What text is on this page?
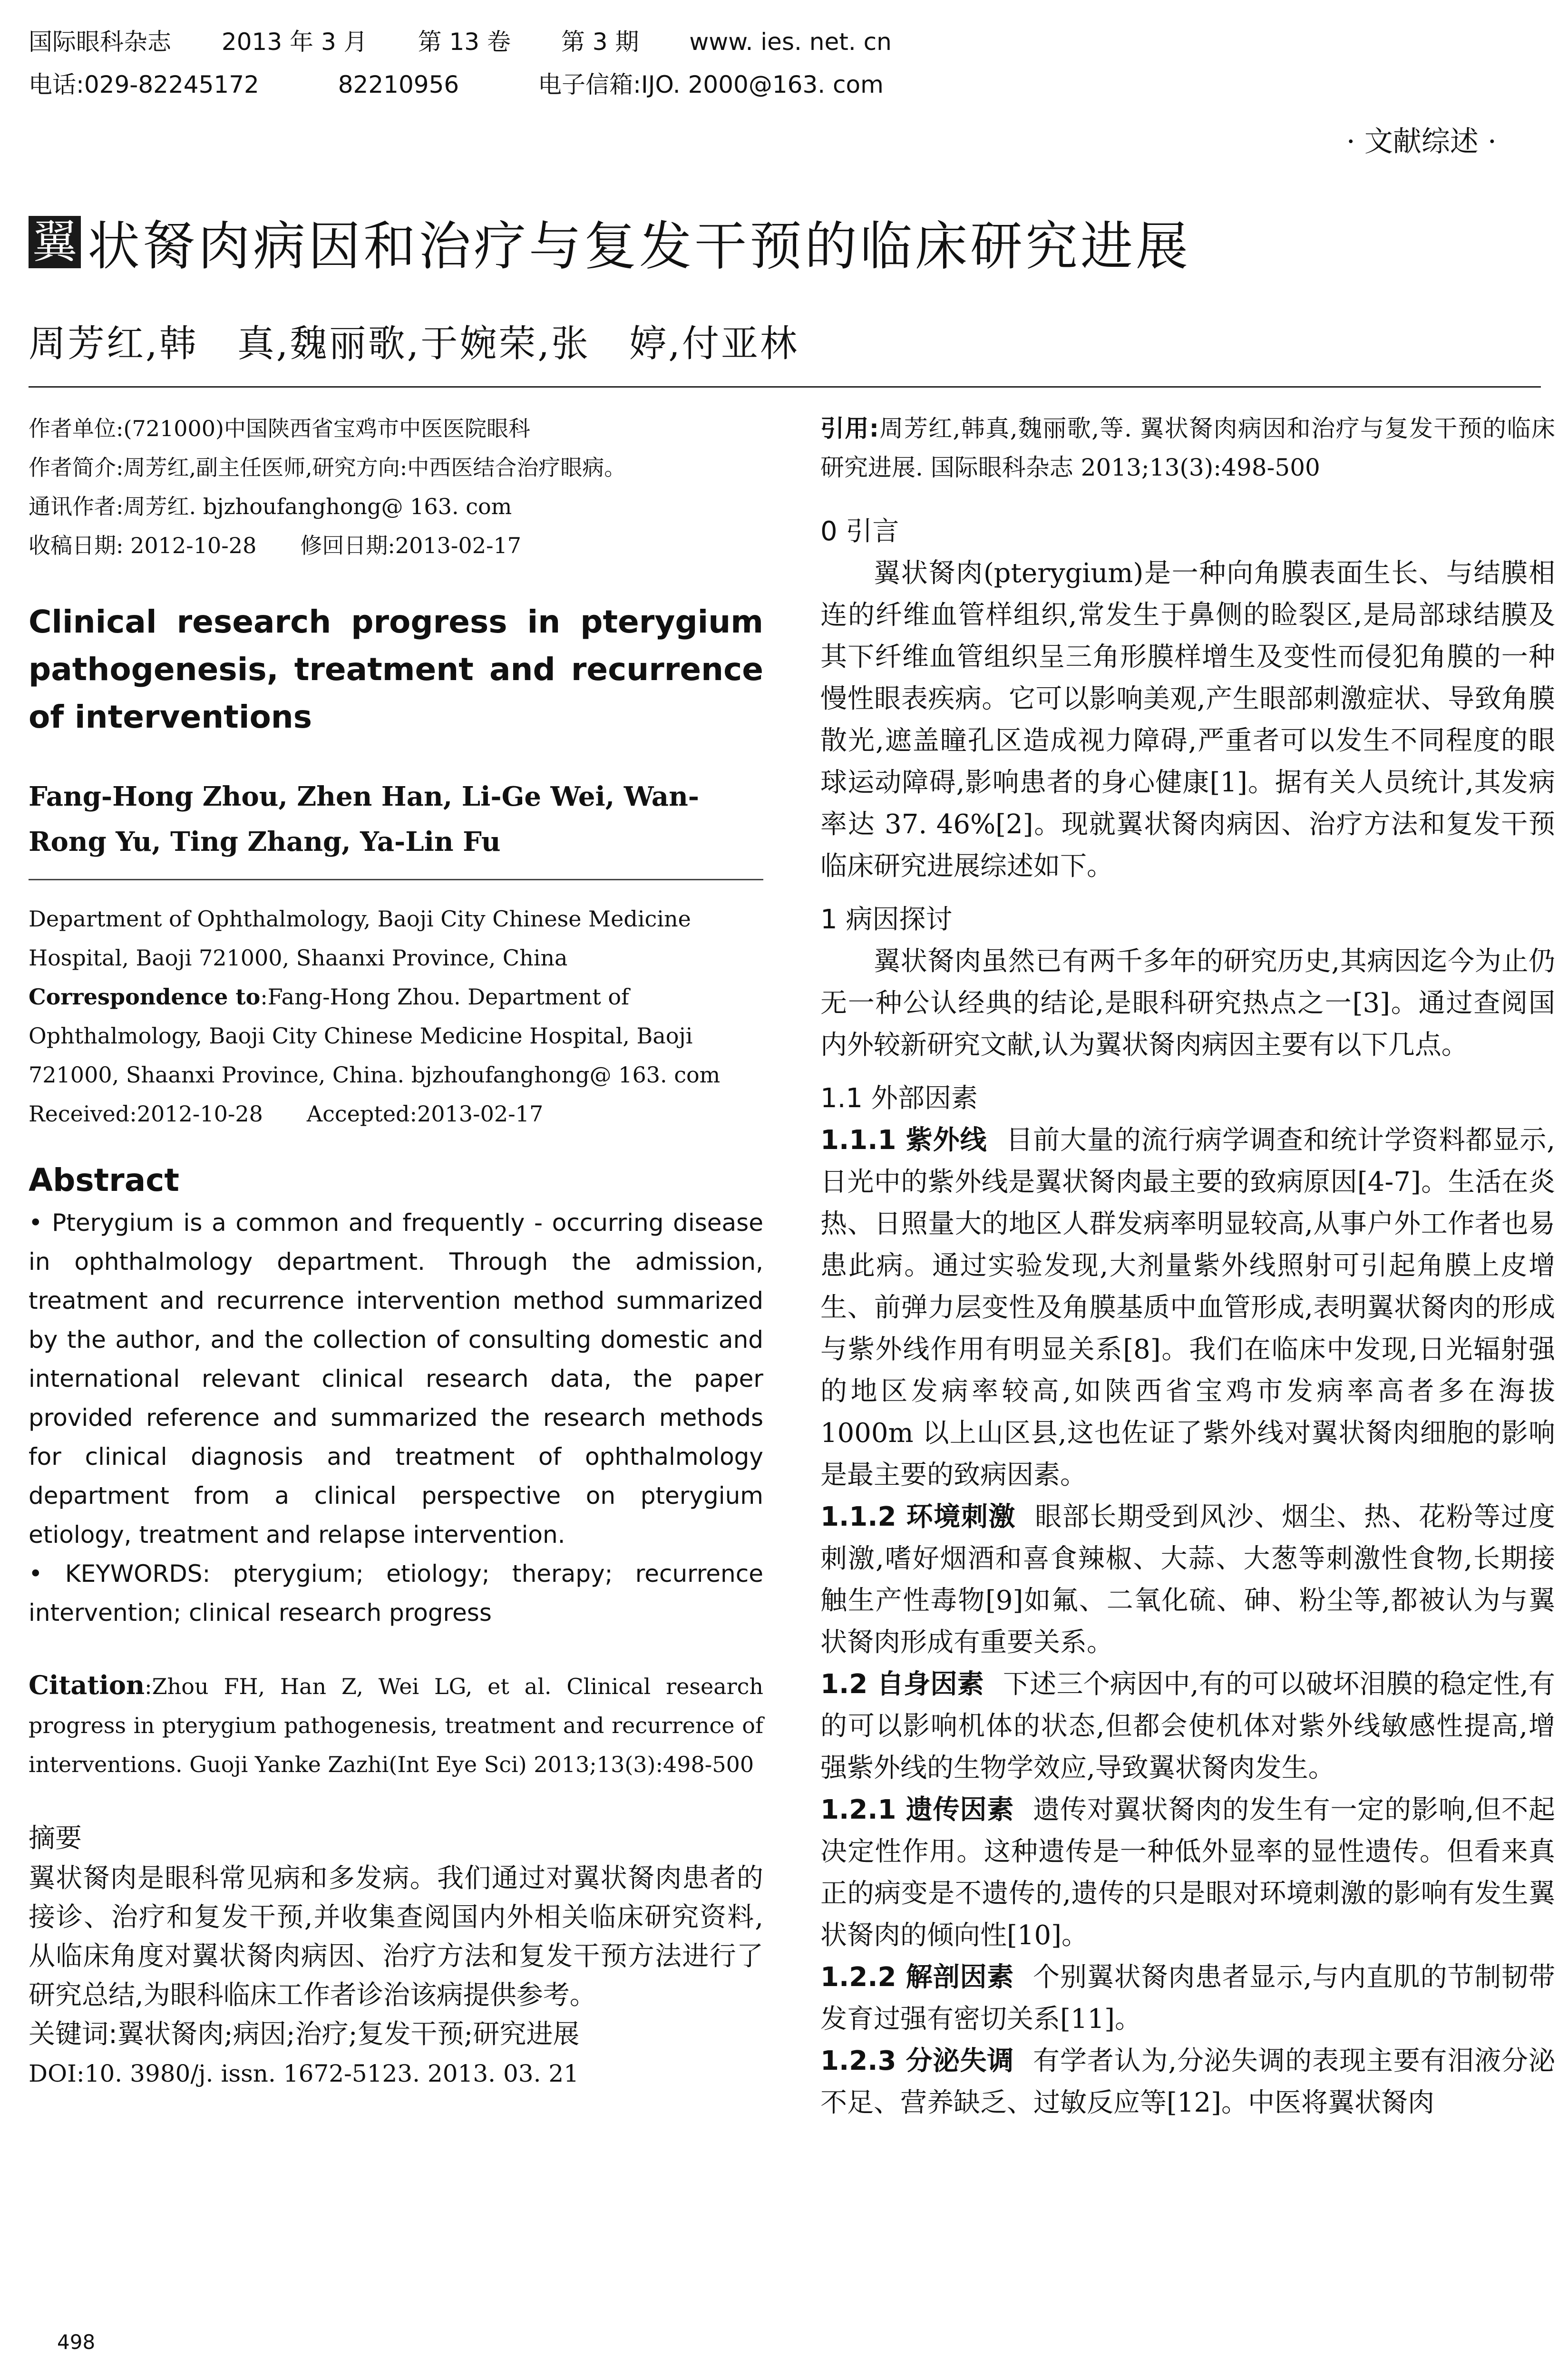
国际眼科杂志 2013 年 3 月 第 13 卷 第 3 期 www. ies. net. cn
电话:029-82245172	82210956	电子信箱:IJO. 2000@163. com
· 文献综述 ·
翼 状胬肉病因和治疗与复发干预的临床研究进展
周芳红,韩　真,魏丽歌,于婉荣,张　婷,付亚林

作者单位:(721000)中国陕西省宝鸡市中医医院眼科

作者简介:周芳红,副主任医师,研究方向:中西医结合治疗眼病。

通讯作者:周芳红. bjzhoufanghong@ 163. com

收稿日期: 2012-10-28　　修回日期:2013-02-17

Clinical research progress in pterygium pathogenesis, treatment and recurrence
of interventions

Fang-Hong Zhou, Zhen Han, Li-Ge Wei, Wan-Rong Yu, Ting Zhang, Ya-Lin Fu

Department of Ophthalmology, Baoji City Chinese Medicine Hospital, Baoji 721000, Shaanxi Province, China

Correspondence to:Fang-Hong Zhou. Department of Ophthalmology, Baoji City Chinese Medicine Hospital, Baoji 721000, Shaanxi Province, China. bjzhoufanghong@ 163. com

Received:2012-10-28　　Accepted:2013-02-17

Abstract

• Pterygium is a common and frequently - occurring disease in ophthalmology department. Through the admission, treatment and recurrence intervention method summarized by the author, and the collection of consulting domestic and international relevant clinical research data, the paper provided reference and summarized the research methods for clinical diagnosis and treatment of ophthalmology department from a clinical perspective on pterygium etiology, treatment and relapse intervention.

• KEYWORDS: pterygium; etiology; therapy; recurrence intervention; clinical research progress

Citation:Zhou FH, Han Z, Wei LG, et al. Clinical research progress in pterygium pathogenesis, treatment and recurrence of interventions. Guoji Yanke Zazhi(Int Eye Sci) 2013;13(3):498-500

摘要

翼状胬肉是眼科常见病和多发病。我们通过对翼状胬肉患者的接诊、治疗和复发干预,并收集查阅国内外相关临床研究资料,从临床角度对翼状胬肉病因、治疗方法和复发干预方法进行了研究总结,为眼科临床工作者诊治该病提供参考。

关键词:翼状胬肉;病因;治疗;复发干预;研究进展

DOI:10. 3980/j. issn. 1672-5123. 2013. 03. 21

引用:周芳红,韩真,魏丽歌,等. 翼状胬肉病因和治疗与复发干预的临床研究进展. 国际眼科杂志 2013;13(3):498-500

0 引言

翼状胬肉(pterygium)是一种向角膜表面生长、与结膜相连的纤维血管样组织,常发生于鼻侧的睑裂区,是局部球结膜及其下纤维血管组织呈三角形膜样增生及变性而侵犯角膜的一种慢性眼表疾病。它可以影响美观,产生眼部刺激症状、导致角膜散光,遮盖瞳孔区造成视力障碍,严重者可以发生不同程度的眼球运动障碍,影响患者的身心健康[1]。据有关人员统计,其发病率达 37. 46%[2]。现就翼状胬肉病因、治疗方法和复发干预临床研究进展综述如下。

1 病因探讨

翼状胬肉虽然已有两千多年的研究历史,其病因迄今为止仍无一种公认经典的结论,是眼科研究热点之一[3]。通过查阅国内外较新研究文献,认为翼状胬肉病因主要有以下几点。

1.1 外部因素

1.1.1 紫外线 目前大量的流行病学调查和统计学资料都显示,日光中的紫外线是翼状胬肉最主要的致病原因[4-7]。生活在炎热、日照量大的地区人群发病率明显较高,从事户外工作者也易患此病。通过实验发现,大剂量紫外线照射可引起角膜上皮增生、前弹力层变性及角膜基质中血管形成,表明翼状胬肉的形成与紫外线作用有明显关系[8]。我们在临床中发现,日光辐射强的地区发病率较高,如陕西省宝鸡市发病率高者多在海拔 1000m 以上山区县,这也佐证了紫外线对翼状胬肉细胞的影响是最主要的致病因素。

1.1.2 环境刺激 眼部长期受到风沙、烟尘、热、花粉等过度刺激,嗜好烟酒和喜食辣椒、大蒜、大葱等刺激性食物,长期接触生产性毒物[9]如氟、二氧化硫、砷、粉尘等,都被认为与翼状胬肉形成有重要关系。

1.2 自身因素 下述三个病因中,有的可以破坏泪膜的稳定性,有的可以影响机体的状态,但都会使机体对紫外线敏感性提高,增强紫外线的生物学效应,导致翼状胬肉发生。

1.2.1 遗传因素 遗传对翼状胬肉的发生有一定的影响,但不起决定性作用。这种遗传是一种低外显率的显性遗传。但看来真正的病变是不遗传的,遗传的只是眼对环境刺激的影响有发生翼状胬肉的倾向性[10]。

1.2.2 解剖因素 个别翼状胬肉患者显示,与内直肌的节制韧带发育过强有密切关系[11]。

1.2.3 分泌失调 有学者认为,分泌失调的表现主要有泪液分泌不足、营养缺乏、过敏反应等[12]。中医将翼状胬肉

498
